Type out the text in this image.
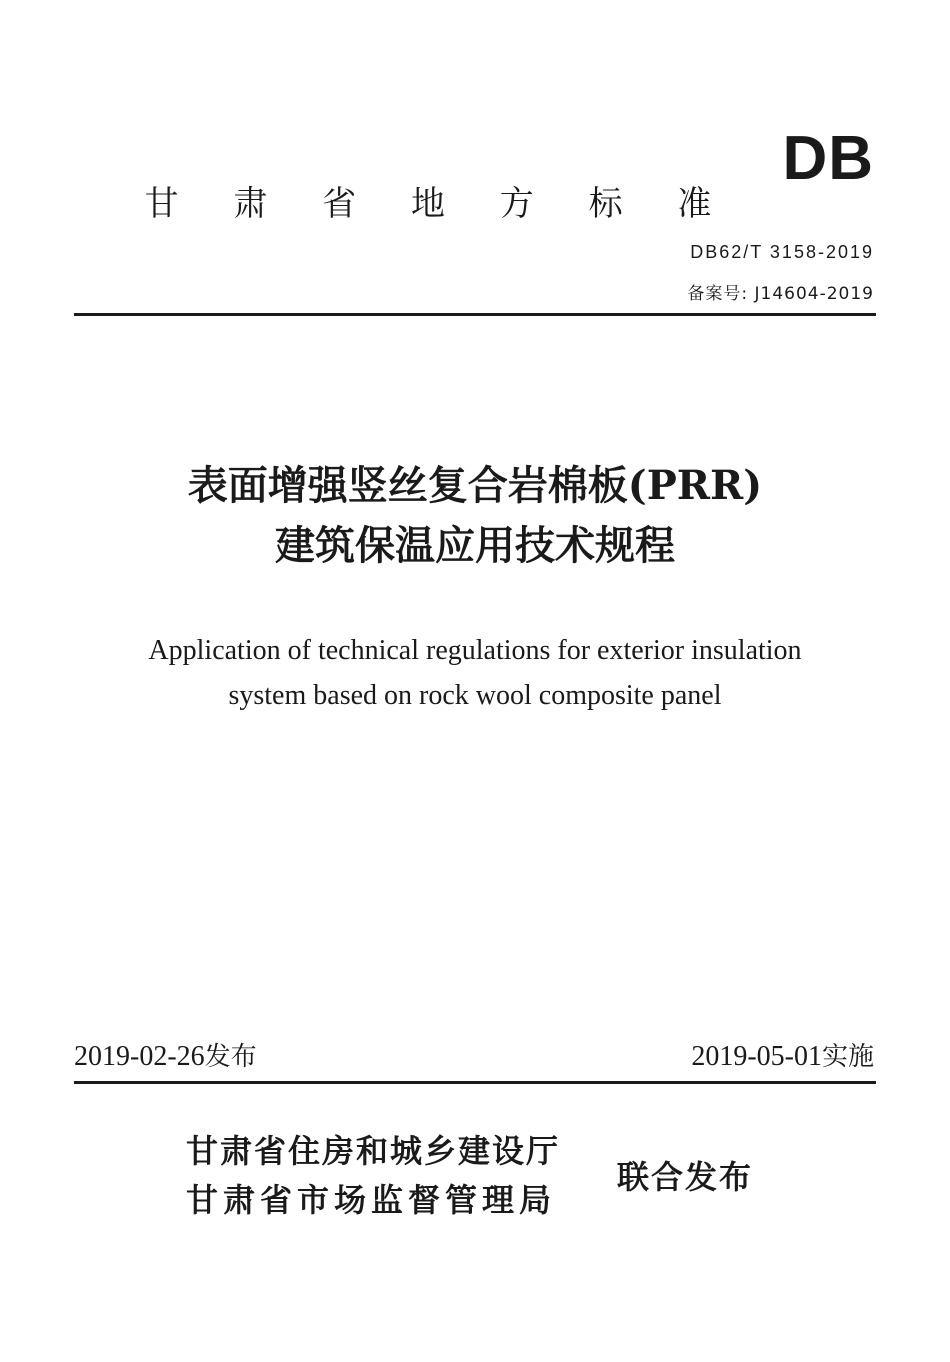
DB
甘 肃 省 地 方 标 准
DB62/T 3158-2019
备案号: J14604-2019
表面增强竖丝复合岩棉板(PRR)
建筑保温应用技术规程
Application of technical regulations for exterior insulation
system based on rock wool composite panel
2019-02-26发布	2019-05-01实施
甘肃省住房和城乡建设厅
甘肃省市场监督管理局
联合发布
